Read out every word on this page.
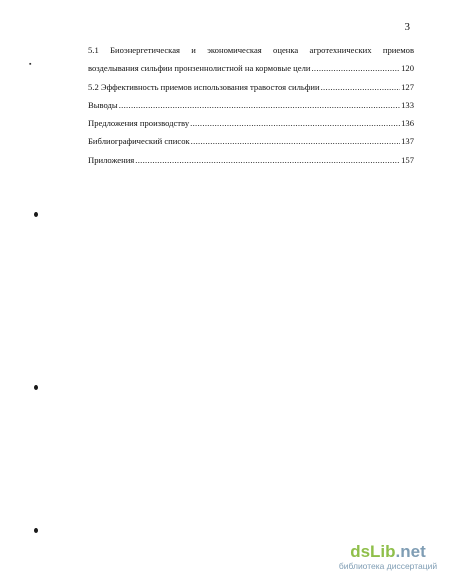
3
▪
5.1 Биоэнергетическая и экономическая оценка агротехнических приемов
возделывания сильфии пронзеннолистной на кормовые цели .....	120
5.2 Эффективность приемов использования травостоя сильфии .....	127
Выводы .....	133
Предложения производству .....	136
Библиографический список .....	137
Приложения .....	157
dsLib.net
библиотека диссертаций
